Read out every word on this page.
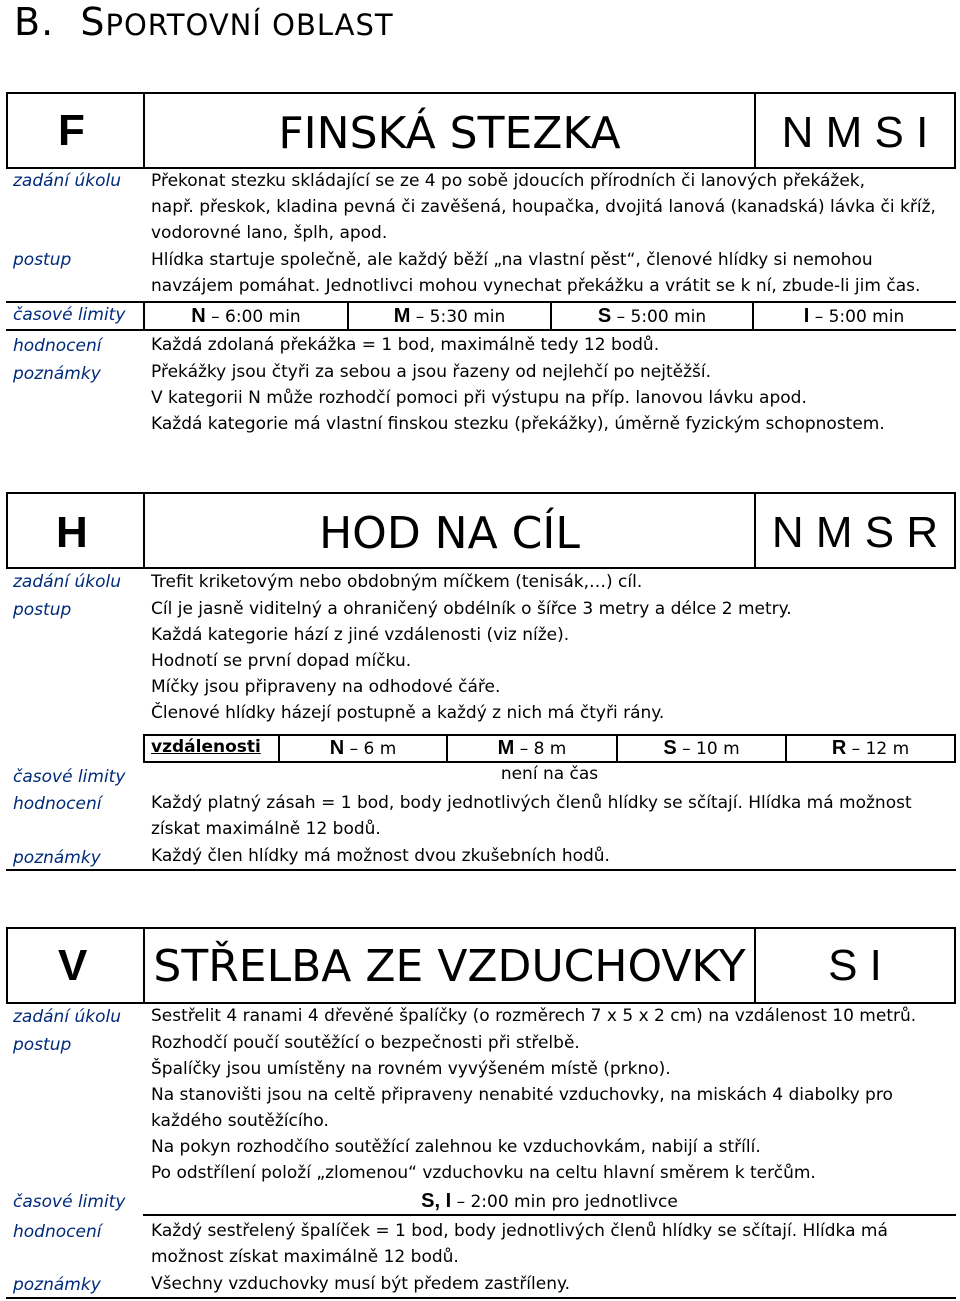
B. SPORTOVNÍ OBLAST
F	FINSKÁ STEZKA	N M S I
zadání úkolu Překonat stezku skládající se ze 4 po sobě jdoucích přírodních či lanových překážek,
např. přeskok, kladina pevná či zavěšená, houpačka, dvojitá lanová (kanadská) lávka či kříž,
vodorovné lano, šplh, apod.
postup	Hlídka startuje společně, ale každý běží „na vlastní pěst“, členové hlídky si nemohou
navzájem pomáhat. Jednotlivci mohou vynechat překážku a vrátit se k ní, zbude-li jim čas.
časové limity	N – 6:00 min	M – 5:30 min	S – 5:00 min	I – 5:00 min
hodnocení	Každá zdolaná překážka = 1 bod, maximálně tedy 12 bodů.
poznámky	Překážky jsou čtyři za sebou a jsou řazeny od nejlehčí po nejtěžší.
V kategorii N může rozhodčí pomoci při výstupu na příp. lanovou lávku apod.
Každá kategorie má vlastní finskou stezku (překážky), úměrně fyzickým schopnostem.
H	HOD NA CÍL	N M S R
zadání úkolu Trefit kriketovým nebo obdobným míčkem (tenisák,…) cíl.
postup	Cíl je jasně viditelný a ohraničený obdélník o šířce 3 metry a délce 2 metry.
Každá kategorie hází z jiné vzdálenosti (viz níže).
Hodnotí se první dopad míčku.
Míčky jsou připraveny na odhodové čáře.
Členové hlídky házejí postupně a každý z nich má čtyři rány.
vzdálenosti	N – 6 m	M – 8 m	S – 10 m	R – 12 m
časové limity	není na čas
hodnocení	Každý platný zásah = 1 bod, body jednotlivých členů hlídky se sčítají. Hlídka má možnost
získat maximálně 12 bodů.
poznámky	Každý člen hlídky má možnost dvou zkušebních hodů.
V STŘELBA ZE VZDUCHOVKY	S I
zadání úkolu Sestřelit 4 ranami 4 dřevěné špalíčky (o rozměrech 7 x 5 x 2 cm) na vzdálenost 10 metrů.
postup	Rozhodčí poučí soutěžící o bezpečnosti při střelbě.
Špalíčky jsou umístěny na rovném vyvýšeném místě (prkno).
Na stanovišti jsou na celtě připraveny nenabité vzduchovky, na miskách 4 diabolky pro
každého soutěžícího.
Na pokyn rozhodčího soutěžící zalehnou ke vzduchovkám, nabijí a střílí.
Po odstřílení položí „zlomenou“ vzduchovku na celtu hlavní směrem k terčům.
časové limity	S, I – 2:00 min pro jednotlivce
hodnocení	Každý sestřelený špalíček = 1 bod, body jednotlivých členů hlídky se sčítají. Hlídka má
možnost získat maximálně 12 bodů.
poznámky	Všechny vzduchovky musí být předem zastříleny.
